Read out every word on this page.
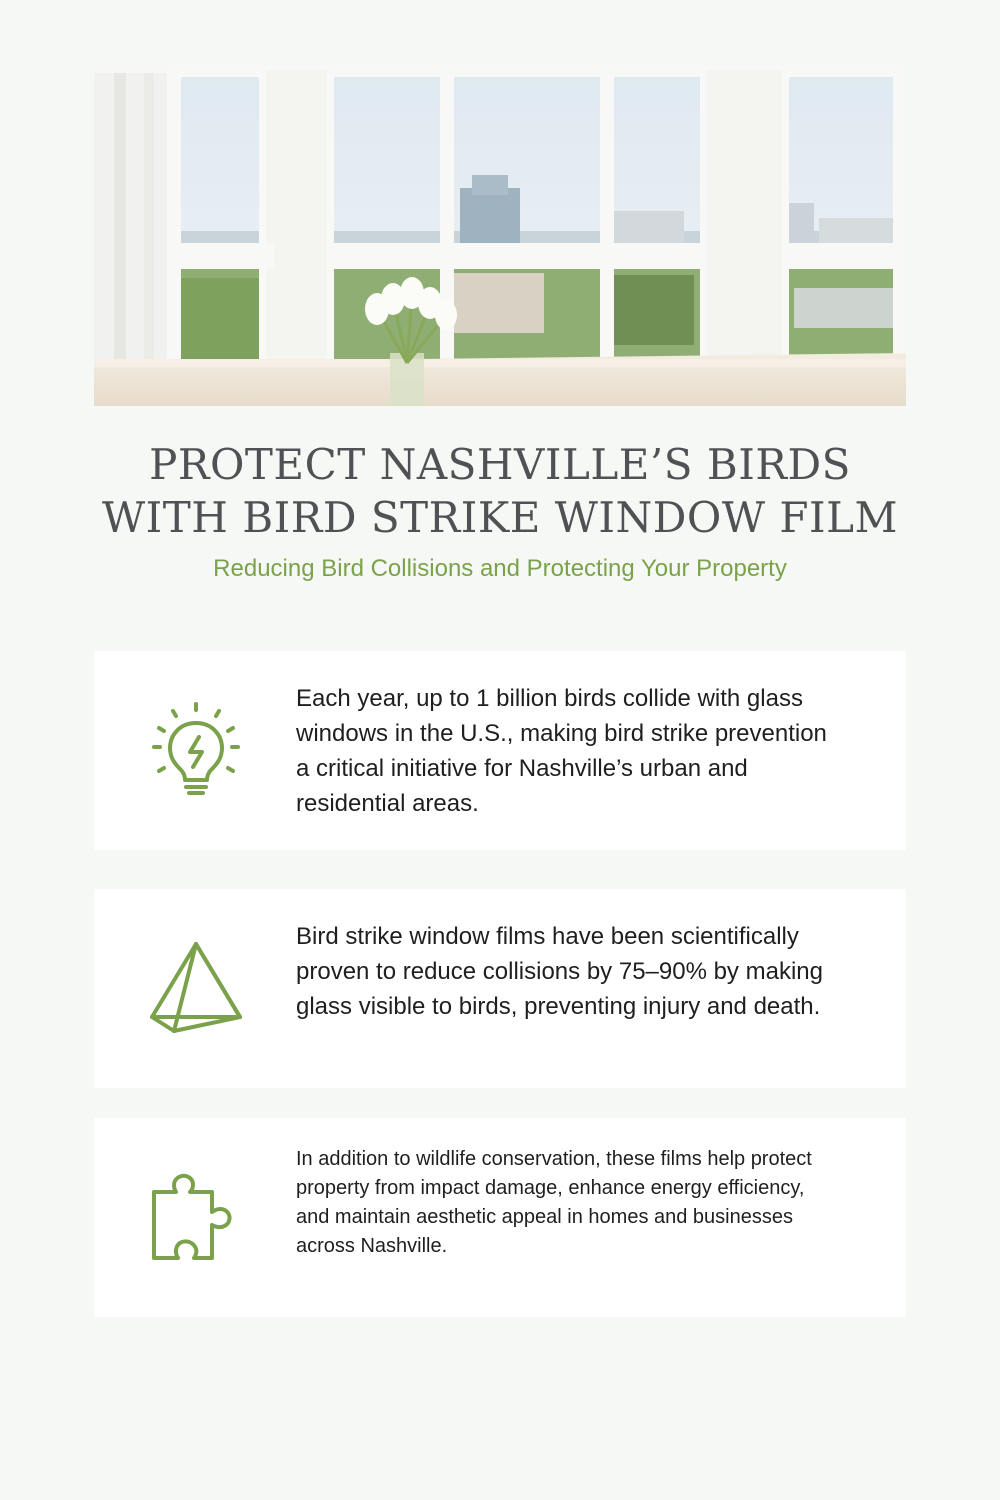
PROTECT NASHVILLE’S BIRDS
WITH BIRD STRIKE WINDOW FILM

Reducing Bird Collisions and Protecting Your Property

Each year, up to 1 billion birds collide with glass windows in the U.S., making bird strike prevention a critical initiative for Nashville’s urban and residential areas.

Bird strike window films have been scientifically proven to reduce collisions by 75–90% by making glass visible to birds, preventing injury and death.

In addition to wildlife conservation, these films help protect property from impact damage, enhance energy efficiency, and maintain aesthetic appeal in homes and businesses across Nashville.
